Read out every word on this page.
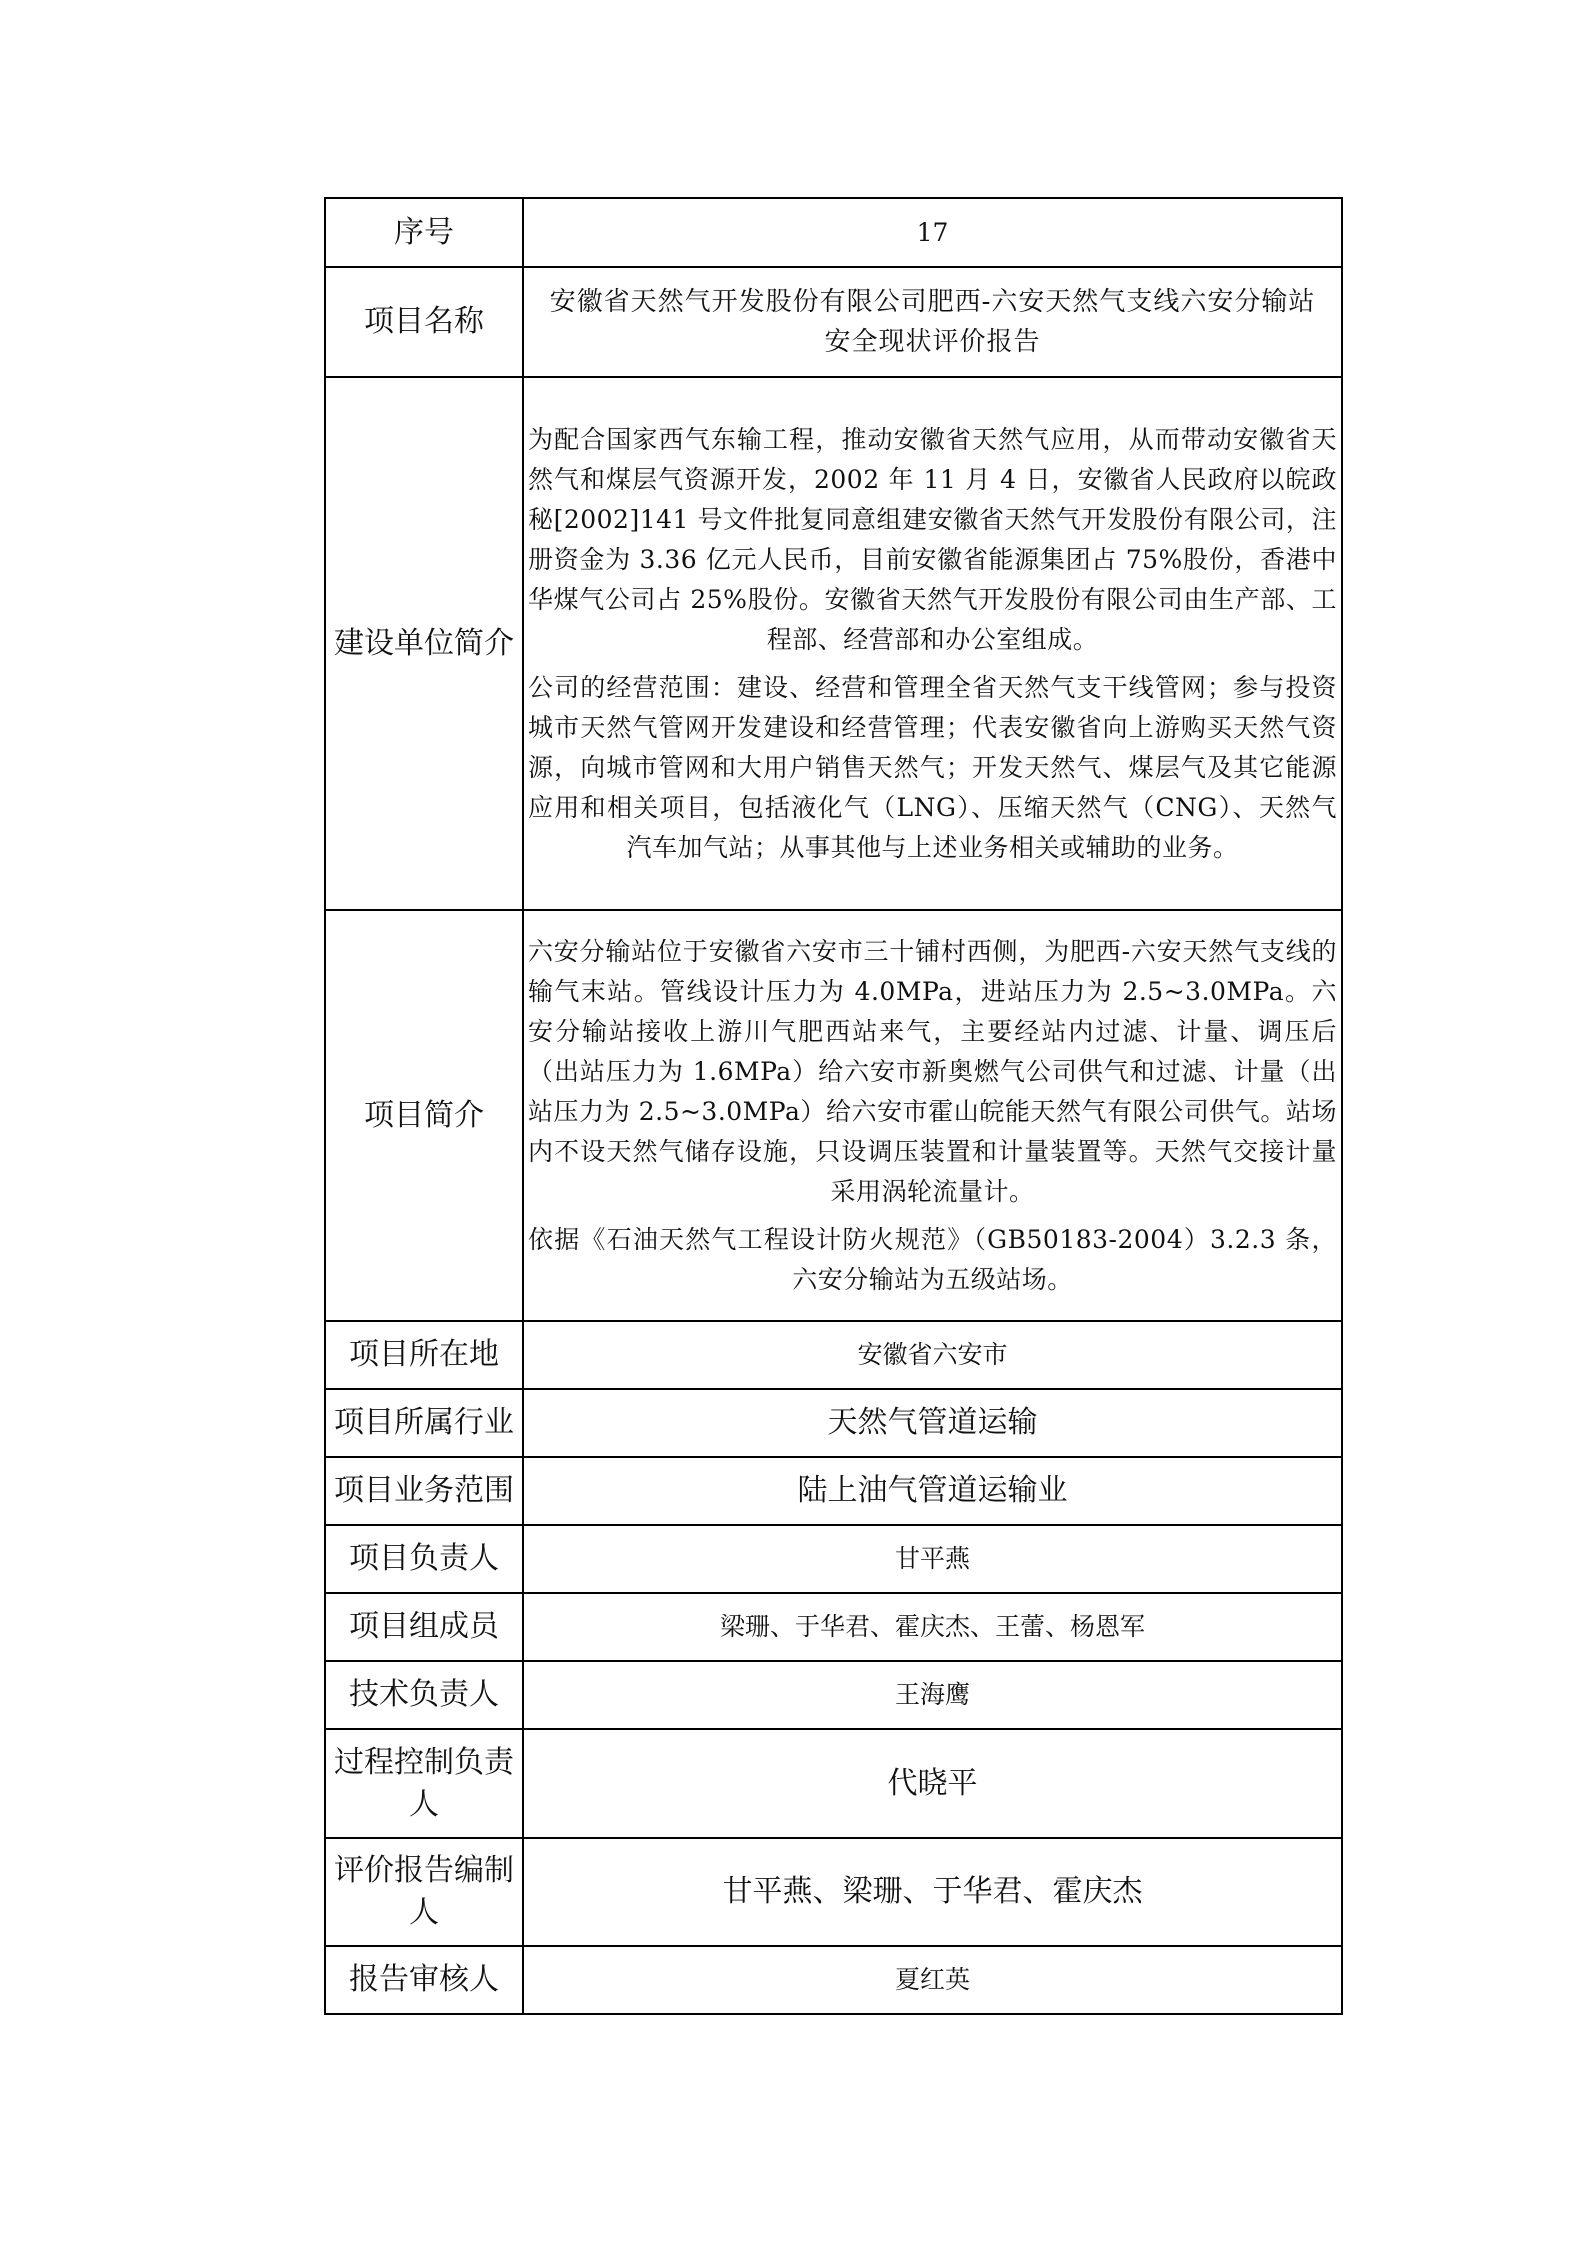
序号	17
项目名称	安徽省天然气开发股份有限公司肥西-六安天然气支线六安分输站

安全现状评价报告

建设单位简介	为配合国家西气东输工程，推动安徽省天然气应用，从而带动安徽省天然气和煤层气资源开发，2002 年 11 月 4 日，安徽省人民政府以皖政秘[2002]141 号文件批复同意组建安徽省天然气开发股份有限公司，注册资金为 3.36 亿元人民币，目前安徽省能源集团占 75%股份，香港中华煤气公司占 25%股份。安徽省天然气开发股份有限公司由生产部、工程部、经营部和办公室组成。

公司的经营范围：建设、经营和管理全省天然气支干线管网；参与投资城市天然气管网开发建设和经营管理；代表安徽省向上游购买天然气资源，向城市管网和大用户销售天然气；开发天然气、煤层气及其它能源应用和相关项目，包括液化气（LNG）、压缩天然气（CNG）、天然气汽车加气站；从事其他与上述业务相关或辅助的业务。

项目简介	六安分输站位于安徽省六安市三十铺村西侧，为肥西-六安天然气支线的输气末站。管线设计压力为 4.0MPa，进站压力为 2.5~3.0MPa。六安分输站接收上游川气肥西站来气，主要经站内过滤、计量、调压后（出站压力为 1.6MPa）给六安市新奥燃气公司供气和过滤、计量（出站压力为 2.5~3.0MPa）给六安市霍山皖能天然气有限公司供气。站场内不设天然气储存设施，只设调压装置和计量装置等。天然气交接计量采用涡轮流量计。

依据《石油天然气工程设计防火规范》（GB50183-2004）3.2.3 条，六安分输站为五级站场。

项目所在地	安徽省六安市
项目所属行业	天然气管道运输
项目业务范围	陆上油气管道运输业
项目负责人	甘平燕
项目组成员	梁珊、于华君、霍庆杰、王蕾、杨恩军
技术负责人	王海鹰
过程控制负责人	代晓平
评价报告编制人	甘平燕、梁珊、于华君、霍庆杰
报告审核人	夏红英
